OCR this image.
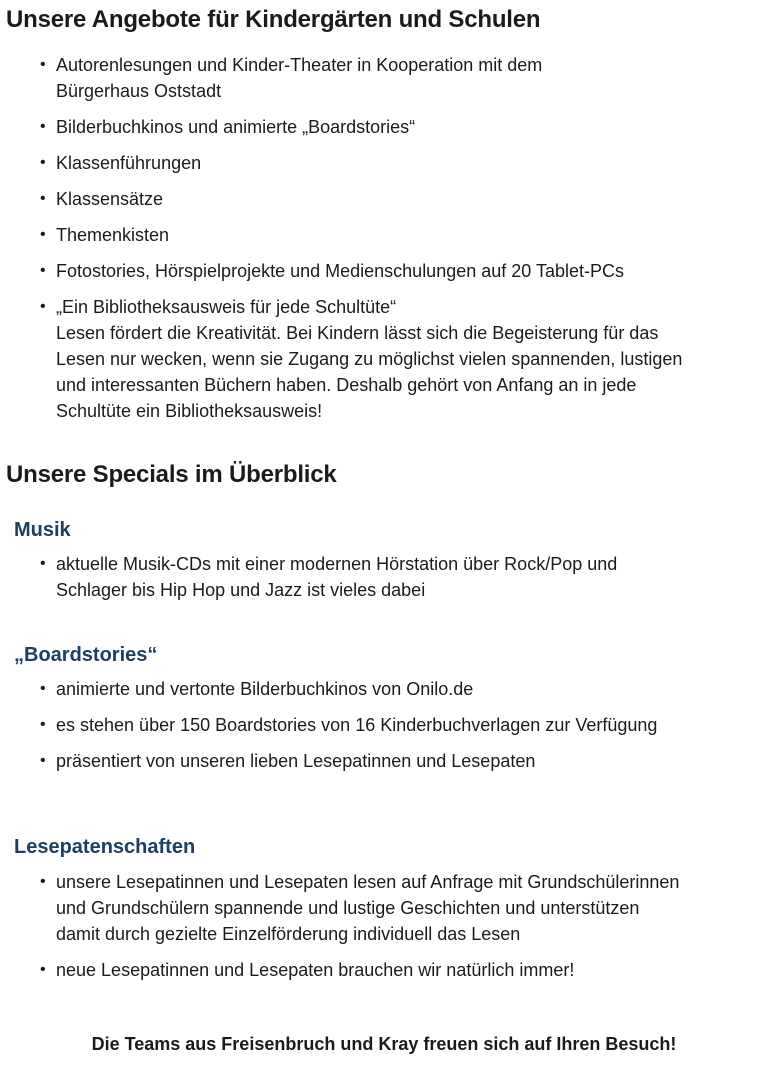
Unsere Angebote für Kindergärten und Schulen
• Autorenlesungen und Kinder-Theater in Kooperation mit dem
Bürgerhaus Oststadt
• Bilderbuchkinos und animierte „Boardstories“
• Klassenführungen
• Klassensätze
• Themenkisten
• Fotostories, Hörspielprojekte und Medienschulungen auf 20 Tablet-PCs
• „Ein Bibliotheksausweis für jede Schultüte“
Lesen fördert die Kreativität. Bei Kindern lässt sich die Begeisterung für das
Lesen nur wecken, wenn sie Zugang zu möglichst vielen spannenden, lustigen
und interessanten Büchern haben. Deshalb gehört von Anfang an in jede
Schultüte ein Bibliotheksausweis!
Unsere Specials im Überblick
Musik
• aktuelle Musik-CDs mit einer modernen Hörstation über Rock/Pop und
Schlager bis Hip Hop und Jazz ist vieles dabei
„Boardstories“
• animierte und vertonte Bilderbuchkinos von Onilo.de
• es stehen über 150 Boardstories von 16 Kinderbuchverlagen zur Verfügung
• präsentiert von unseren lieben Lesepatinnen und Lesepaten
Lesepatenschaften
• unsere Lesepatinnen und Lesepaten lesen auf Anfrage mit Grundschülerinnen
und Grundschülern spannende und lustige Geschichten und unterstützen
damit durch gezielte Einzelförderung individuell das Lesen
• neue Lesepatinnen und Lesepaten brauchen wir natürlich immer!
Die Teams aus Freisenbruch und Kray freuen sich auf Ihren Besuch!
